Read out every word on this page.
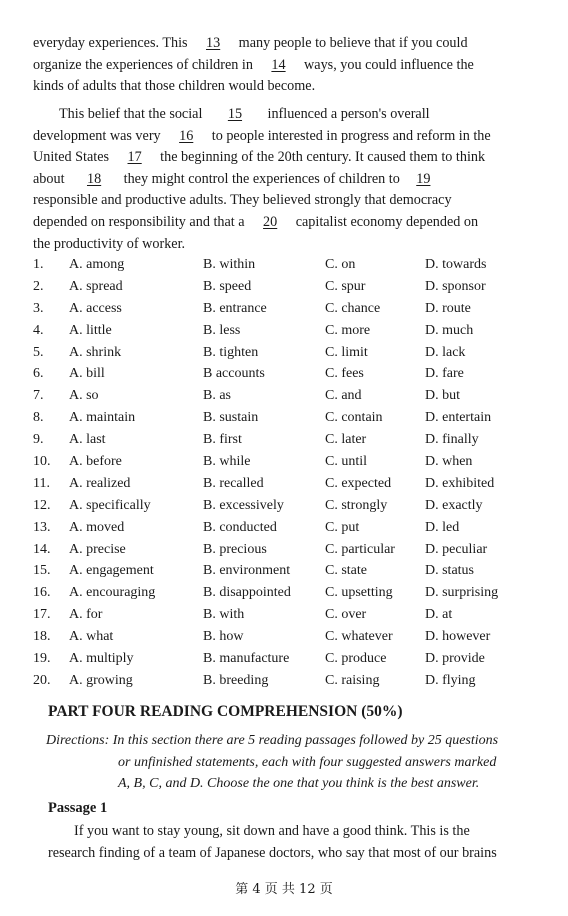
everyday experiences. This 13 many people to believe that if you could
organize the experiences of children in 14 ways, you could influence the
kinds of adults that those children would become.
This belief that the social 15 influenced a person's overall
development was very 16 to people interested in progress and reform in the
United States 17 the beginning of the 20th century. It caused them to think
about 18 they might control the experiences of children to 19
responsible and productive adults. They believed strongly that democracy
depended on responsibility and that a 20 capitalist economy depended on
the productivity of worker.
1. A. among	B. within	C. on	D. towards
2. A. spread	B. speed	C. spur	D. sponsor
3. A. access	B. entrance	C. chance	D. route
4. A. little	B. less	C. more	D. much
5. A. shrink	B. tighten	C. limit	D. lack
6. A. bill	B accounts	C. fees	D. fare
7. A. so	B. as	C. and	D. but
8. A. maintain	B. sustain	C. contain	D. entertain
9. A. last	B. first	C. later	D. finally
10. A. before	B. while	C. until	D. when
11. A. realized	B. recalled	C. expected D. exhibited
12. A. specifically	B. excessively	C. strongly	D. exactly
13. A. moved	B. conducted	C. put	D. led
14. A. precise	B. precious	C. particular D. peculiar
15. A. engagement	B. environment C. state	D. status
16. A. encouraging	B. disappointed C. upsetting D. surprising
17. A. for	B. with	C. over	D. at
18. A. what	B. how	C. whatever D. however
19. A. multiply	B. manufacture	C. produce	D. provide
20. A. growing	B. breeding	C. raising	D. flying
PART FOUR READING COMPREHENSION (50%)
Directions: In this section there are 5 reading passages followed by 25 questions
or unfinished statements, each with four suggested answers marked
A, B, C, and D. Choose the one that you think is the best answer.
Passage 1
If you want to stay young, sit down and have a good think. This is the
research finding of a team of Japanese doctors, who say that most of our brains
第 4 页 共 12 页
